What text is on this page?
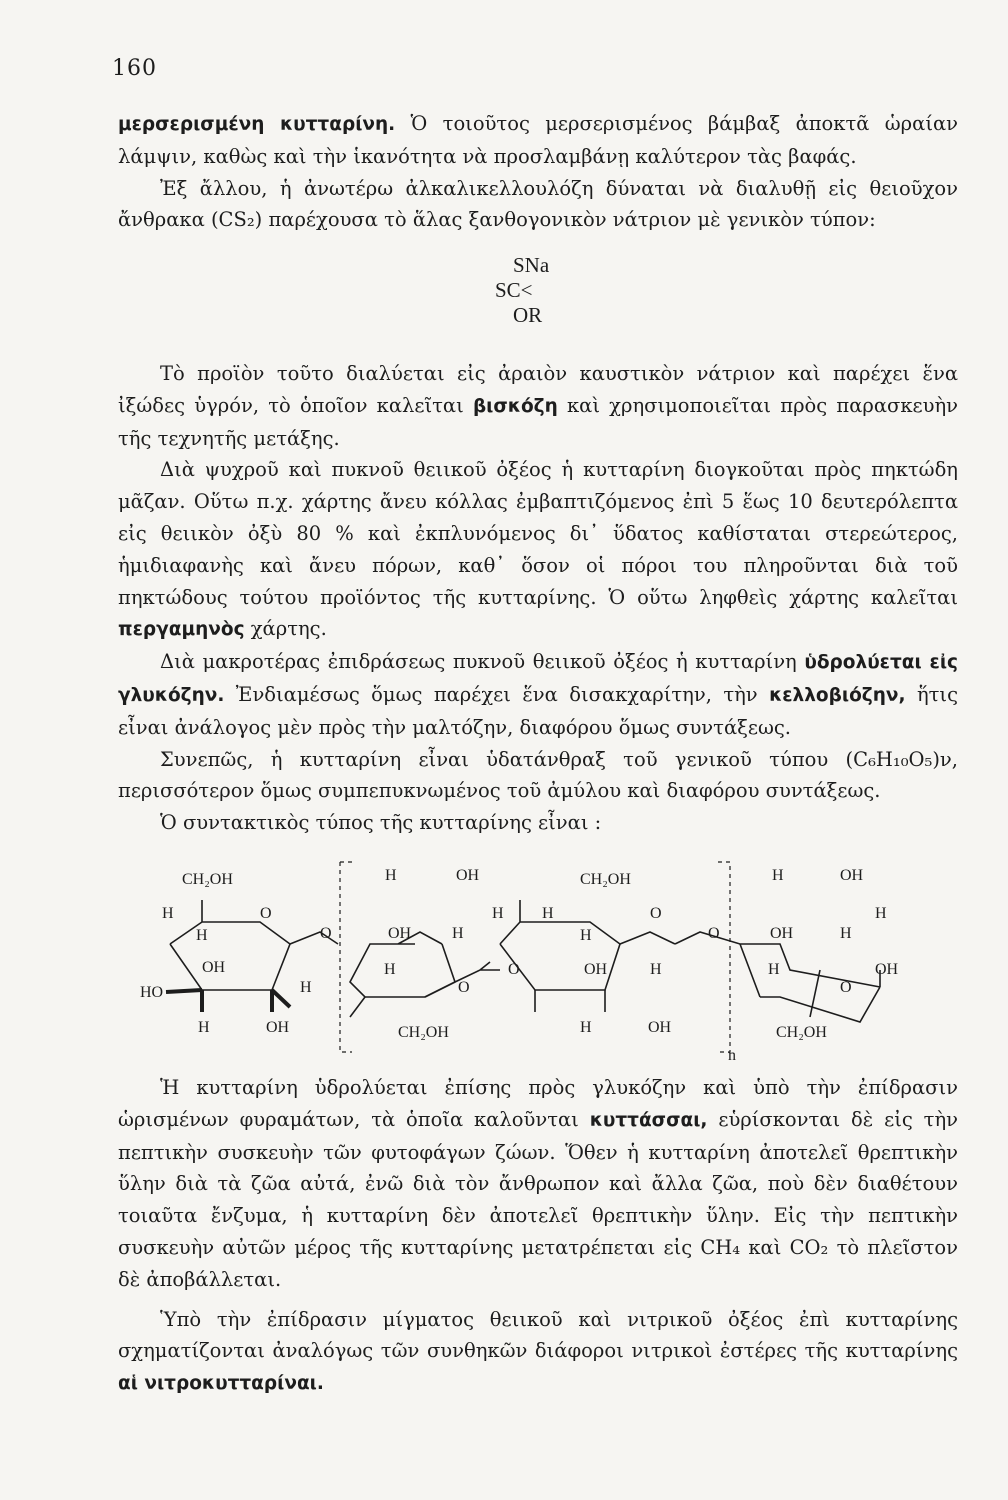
160

μερσερισμένη κυτταρίνη. Ὁ τοιοῦτος μερσερισμένος βάμβαξ ἀποκτᾶ ὡραίαν λάμψιν, καθὼς καὶ τὴν ἱκανότητα νὰ προσλαμβάνῃ καλύτερον τὰς βαφάς.

Ἐξ ἄλλου, ἡ ἀνωτέρω ἀλκαλικελλουλόζη δύναται νὰ διαλυθῇ εἰς θειοῦχον ἄνθρακα (CS₂) παρέχουσα τὸ ἅλας ξανθογονικὸν νάτριον μὲ γενικὸν τύπον:

SNa
SC<
OR

Τὸ προϊὸν τοῦτο διαλύεται εἰς ἀραιὸν καυστικὸν νάτριον καὶ παρέχει ἕνα ἰξώδες ὑγρόν, τὸ ὁποῖον καλεῖται βισκόζη καὶ χρησιμοποιεῖται πρὸς παρασκευὴν τῆς τεχνητῆς μετάξης.

Διὰ ψυχροῦ καὶ πυκνοῦ θειικοῦ ὀξέος ἡ κυτταρίνη διογκοῦται πρὸς πηκτώδη μᾶζαν. Οὕτω π.χ. χάρτης ἄνευ κόλλας ἐμβαπτιζόμενος ἐπὶ 5 ἕως 10 δευτερόλεπτα εἰς θειικὸν ὀξὺ 80 % καὶ ἐκπλυνόμενος δι᾿ ὕδατος καθίσταται στερεώτερος, ἡμιδιαφανὴς καὶ ἄνευ πόρων, καθ᾿ ὅσον οἱ πόροι του πληροῦνται διὰ τοῦ πηκτώδους τούτου προϊόντος τῆς κυτταρίνης. Ὁ οὕτω ληφθεὶς χάρτης καλεῖται περγαμηνὸς χάρτης.

Διὰ μακροτέρας ἐπιδράσεως πυκνοῦ θειικοῦ ὀξέος ἡ κυτταρίνη ὑδρολύεται εἰς γλυκόζην. Ἐνδιαμέσως ὅμως παρέχει ἕνα δισακχαρίτην, τὴν κελλοβιόζην, ἥτις εἶναι ἀνάλογος μὲν πρὸς τὴν μαλτόζην, διαφόρου ὅμως συντάξεως.

Συνεπῶς, ἡ κυτταρίνη εἶναι ὑδατάνθραξ τοῦ γενικοῦ τύπου (C₆H₁₀O₅)ν, περισσότερον ὅμως συμπεπυκνωμένος τοῦ ἀμύλου καὶ διαφόρου συντάξεως.

Ὁ συντακτικὸς τύπος τῆς κυτταρίνης εἶναι :

CH₂OH
H	O
H
OH
H
HO
H	OH
O
H	OH
OH
H
H
H
O
CH₂OH
O
CH₂OH
H	O
H
OH	H
H	OH
O
n
H	OH
OH	H
H
H	OH
O
CH₂OH

Ἡ κυτταρίνη ὑδρολύεται ἐπίσης πρὸς γλυκόζην καὶ ὑπὸ τὴν ἐπίδρασιν ὡρισμένων φυραμάτων, τὰ ὁποῖα καλοῦνται κυττάσσαι, εὑρίσκονται δὲ εἰς τὴν πεπτικὴν συσκευὴν τῶν φυτοφάγων ζώων. Ὅθεν ἡ κυτταρίνη ἀποτελεῖ θρεπτικὴν ὕλην διὰ τὰ ζῶα αὐτά, ἐνῶ διὰ τὸν ἄνθρωπον καὶ ἄλλα ζῶα, ποὺ δὲν διαθέτουν τοιαῦτα ἔνζυμα, ἡ κυτταρίνη δὲν ἀποτελεῖ θρεπτικὴν ὕλην. Εἰς τὴν πεπτικὴν συσκευὴν αὐτῶν μέρος τῆς κυτταρίνης μετατρέπεται εἰς CH₄ καὶ CO₂ τὸ πλεῖστον δὲ ἀποβάλλεται.

Ὑπὸ τὴν ἐπίδρασιν μίγματος θειικοῦ καὶ νιτρικοῦ ὀξέος ἐπὶ κυτταρίνης σχηματίζονται ἀναλόγως τῶν συνθηκῶν διάφοροι νιτρικοὶ ἐστέρες τῆς κυτταρίνης αἱ νιτροκυτταρίναι.
